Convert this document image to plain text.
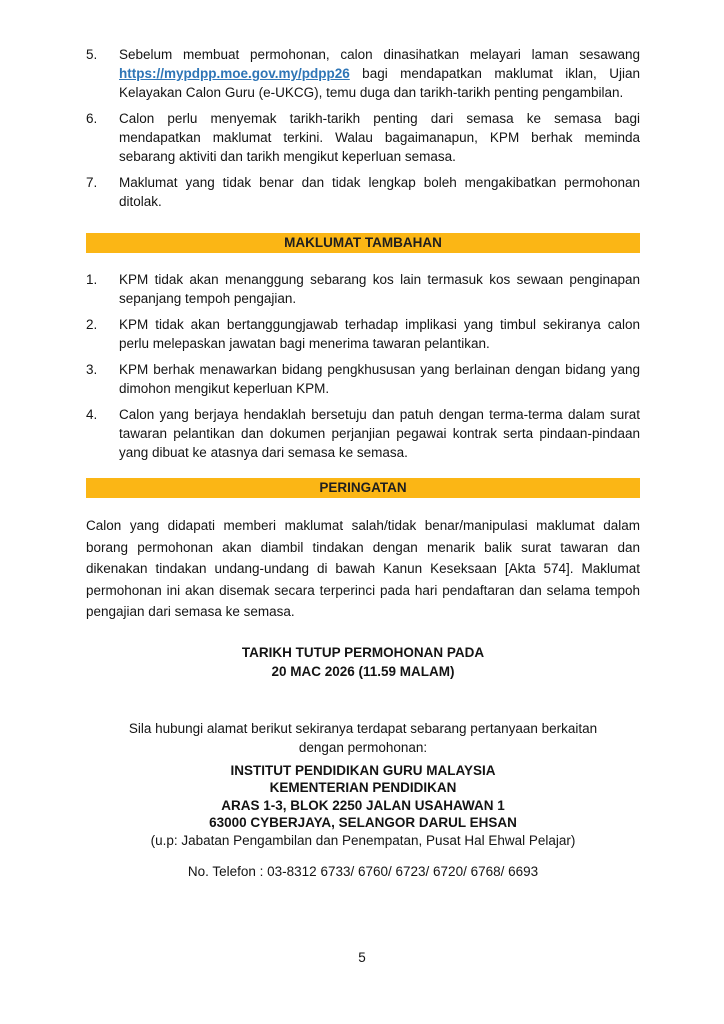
5.	Sebelum membuat permohonan, calon dinasihatkan melayari laman sesawang https://mypdpp.moe.gov.my/pdpp26 bagi mendapatkan maklumat iklan, Ujian Kelayakan Calon Guru (e-UKCG), temu duga dan tarikh-tarikh penting pengambilan.

6.	Calon perlu menyemak tarikh-tarikh penting dari semasa ke semasa bagi mendapatkan maklumat terkini. Walau bagaimanapun, KPM berhak meminda sebarang aktiviti dan tarikh mengikut keperluan semasa.

7.	Maklumat yang tidak benar dan tidak lengkap boleh mengakibatkan permohonan ditolak.

MAKLUMAT TAMBAHAN
1.	KPM tidak akan menanggung sebarang kos lain termasuk kos sewaan penginapan sepanjang tempoh pengajian.

2.	KPM tidak akan bertanggungjawab terhadap implikasi yang timbul sekiranya calon perlu melepaskan jawatan bagi menerima tawaran pelantikan.

3.	KPM berhak menawarkan bidang pengkhususan yang berlainan dengan bidang yang dimohon mengikut keperluan KPM.

4.	Calon yang berjaya hendaklah bersetuju dan patuh dengan terma-terma dalam surat tawaran pelantikan dan dokumen perjanjian pegawai kontrak serta pindaan-pindaan yang dibuat ke atasnya dari semasa ke semasa.

PERINGATAN

Calon yang didapati memberi maklumat salah/tidak benar/manipulasi maklumat dalam borang permohonan akan diambil tindakan dengan menarik balik surat tawaran dan dikenakan tindakan undang-undang di bawah Kanun Keseksaan [Akta 574]. Maklumat permohonan ini akan disemak secara terperinci pada hari pendaftaran dan selama tempoh pengajian dari semasa ke semasa.

TARIKH TUTUP PERMOHONAN PADA
20 MAC 2026 (11.59 MALAM)
Sila hubungi alamat berikut sekiranya terdapat sebarang pertanyaan berkaitan
dengan permohonan:
INSTITUT PENDIDIKAN GURU MALAYSIA
KEMENTERIAN PENDIDIKAN
ARAS 1-3, BLOK 2250 JALAN USAHAWAN 1
63000 CYBERJAYA, SELANGOR DARUL EHSAN
(u.p: Jabatan Pengambilan dan Penempatan, Pusat Hal Ehwal Pelajar)
No. Telefon : 03-8312 6733/ 6760/ 6723/ 6720/ 6768/ 6693
5
